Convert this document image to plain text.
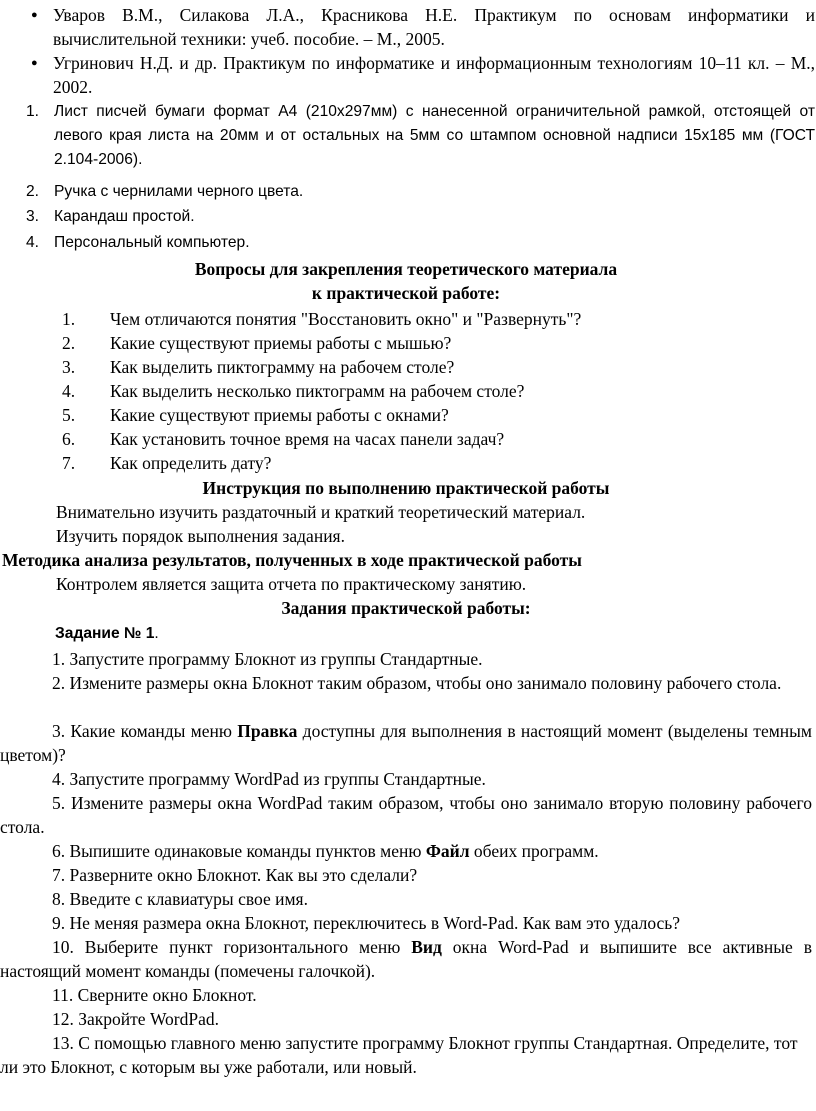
● Уваров В.М., Силакова Л.А., Красникова Н.Е. Практикум по основам информатики и вычислительной техники: учеб. пособие. – М., 2005.
● Угринович Н.Д. и др. Практикум по информатике и информационным технологиям 10–11 кл. – М., 2002.
1. Лист писчей бумаги формат А4 (210х297мм) с нанесенной ограничительной рамкой, отстоящей от левого края листа на 20мм и от остальных на 5мм со штампом основной надписи 15х185 мм (ГОСТ 2.104-2006).
2. Ручка с чернилами черного цвета.
3. Карандаш простой.
4. Персональный компьютер.
Вопросы для закрепления теоретического материала
к практической работе:
1. Чем отличаются понятия "Восстановить окно" и "Развернуть"?
2. Какие существуют приемы работы с мышью?
3. Как выделить пиктограмму на рабочем столе?
4. Как выделить несколько пиктограмм на рабочем столе?
5. Какие существуют приемы работы с окнами?
6. Как установить точное время на часах панели задач?
7. Как определить дату?
Инструкция по выполнению практической работы
Внимательно изучить раздаточный и краткий теоретический материал.
Изучить порядок выполнения задания.
Методика анализа результатов, полученных в ходе практической работы
Контролем является защита отчета по практическому занятию.
Задания практической работы:
Задание № 1.
1. Запустите программу Блокнот из группы Стандартные.
2. Измените размеры окна Блокнот таким образом, чтобы оно занимало половину рабочего стола.
3. Какие команды меню Правка доступны для выполнения в настоящий момент (выделены темным цветом)?
4. Запустите программу WordPad из группы Стандартные.
5. Измените размеры окна WordPad таким образом, чтобы оно занимало вторую половину рабочего стола.
6. Выпишите одинаковые команды пунктов меню Файл обеих программ.
7. Разверните окно Блокнот. Как вы это сделали?
8. Введите с клавиатуры свое имя.
9. Не меняя размера окна Блокнот, переключитесь в Word-Pad. Как вам это удалось?
10. Выберите пункт горизонтального меню Вид окна Word-Pad и выпишите все активные в настоящий момент команды (помечены галочкой).
11. Сверните окно Блокнот.
12. Закройте WordPad.
13. С помощью главного меню запустите программу Блокнот группы Стандартная. Определите, тот ли это Блокнот, с которым вы уже работали, или новый.
